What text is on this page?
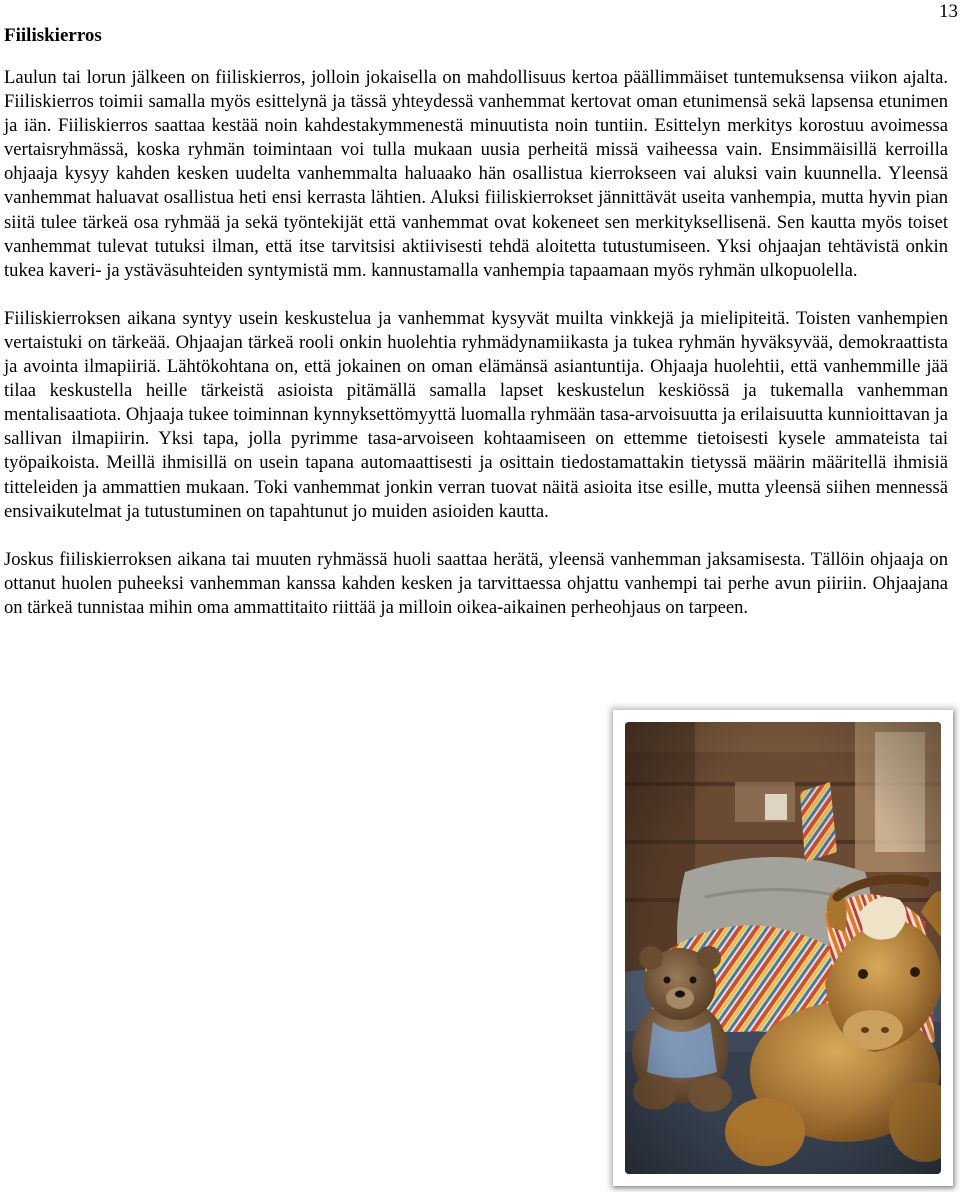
13
Fiiliskierros

Laulun tai lorun jälkeen on fiiliskierros, jolloin jokaisella on mahdollisuus kertoa päällimmäiset tuntemuksensa viikon ajalta. Fiiliskierros toimii samalla myös esittelynä ja tässä yhteydessä vanhemmat kertovat oman etunimensä sekä lapsensa etunimen ja iän. Fiiliskierros saattaa kestää noin kahdestakymmenestä minuutista noin tuntiin. Esittelyn merkitys korostuu avoimessa vertaisryhmässä, koska ryhmän toimintaan voi tulla mukaan uusia perheitä missä vaiheessa vain. Ensimmäisillä kerroilla ohjaaja kysyy kahden kesken uudelta vanhemmalta haluaako hän osallistua kierrokseen vai aluksi vain kuunnella. Yleensä vanhemmat haluavat osallistua heti ensi kerrasta lähtien. Aluksi fiiliskierrokset jännittävät useita vanhempia, mutta hyvin pian siitä tulee tärkeä osa ryhmää ja sekä työntekijät että vanhemmat ovat kokeneet sen merkityksellisenä. Sen kautta myös toiset vanhemmat tulevat tutuksi ilman, että itse tarvitsisi aktiivisesti tehdä aloitetta tutustumiseen. Yksi ohjaajan tehtävistä onkin tukea kaveri- ja ystäväsuhteiden syntymistä mm. kannustamalla vanhempia tapaamaan myös ryhmän ulkopuolella.

Fiiliskierroksen aikana syntyy usein keskustelua ja vanhemmat kysyvät muilta vinkkejä ja mielipiteitä. Toisten vanhempien vertaistuki on tärkeää. Ohjaajan tärkeä rooli onkin huolehtia ryhmädynamiikasta ja tukea ryhmän hyväksyvää, demokraattista ja avointa ilmapiiriä. Lähtökohtana on, että jokainen on oman elämänsä asiantuntija. Ohjaaja huolehtii, että vanhemmille jää tilaa keskustella heille tärkeistä asioista pitämällä samalla lapset keskustelun keskiössä ja tukemalla vanhemman mentalisaatiota. Ohjaaja tukee toiminnan kynnyksettömyyttä luomalla ryhmään tasa-arvoisuutta ja erilaisuutta kunnioittavan ja sallivan ilmapiirin. Yksi tapa, jolla pyrimme tasa-arvoiseen kohtaamiseen on ettemme tietoisesti kysele ammateista tai työpaikoista. Meillä ihmisillä on usein tapana automaattisesti ja osittain tiedostamattakin tietyssä määrin määritellä ihmisiä titteleiden ja ammattien mukaan. Toki vanhemmat jonkin verran tuovat näitä asioita itse esille, mutta yleensä siihen mennessä ensivaikutelmat ja tutustuminen on tapahtunut jo muiden asioiden kautta.

Joskus fiiliskierroksen aikana tai muuten ryhmässä huoli saattaa herätä, yleensä vanhemman jaksamisesta. Tällöin ohjaaja on ottanut huolen puheeksi vanhemman kanssa kahden kesken ja tarvittaessa ohjattu vanhempi tai perhe avun piiriin. Ohjaajana on tärkeä tunnistaa mihin oma ammattitaito riittää ja milloin oikea-aikainen perheohjaus on tarpeen.
